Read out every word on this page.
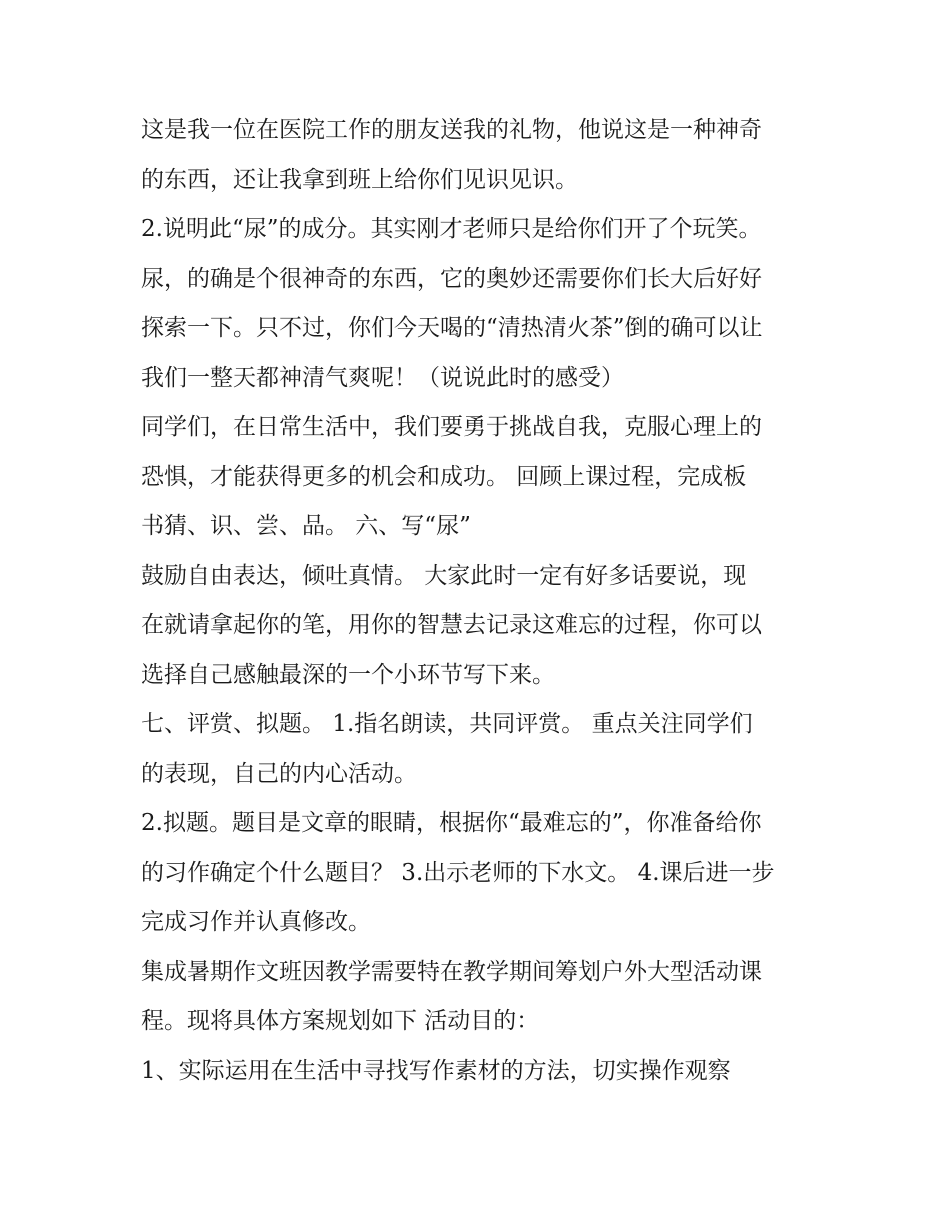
这是我一位在医院工作的朋友送我的礼物，他说这是一种神奇
的东西，还让我拿到班上给你们见识见识。
2.说明此“尿”的成分。其实刚才老师只是给你们开了个玩笑。
尿，的确是个很神奇的东西，它的奥妙还需要你们长大后好好
探索一下。只不过，你们今天喝的“清热清火茶”倒的确可以让
我们一整天都神清气爽呢！（说说此时的感受）
同学们，在日常生活中，我们要勇于挑战自我，克服心理上的
恐惧，才能获得更多的机会和成功。 回顾上课过程，完成板
书猜、识、尝、品。 六、写“尿”
鼓励自由表达，倾吐真情。 大家此时一定有好多话要说，现
在就请拿起你的笔，用你的智慧去记录这难忘的过程，你可以
选择自己感触最深的一个小环节写下来。
七、评赏、拟题。 1.指名朗读，共同评赏。 重点关注同学们
的表现，自己的内心活动。
2.拟题。题目是文章的眼睛，根据你“最难忘的”，你准备给你
的习作确定个什么题目？ 3.出示老师的下水文。 4.课后进一步
完成习作并认真修改。
集成暑期作文班因教学需要特在教学期间筹划户外大型活动课
程。现将具体方案规划如下 活动目的：
1、实际运用在生活中寻找写作素材的方法，切实操作观察
